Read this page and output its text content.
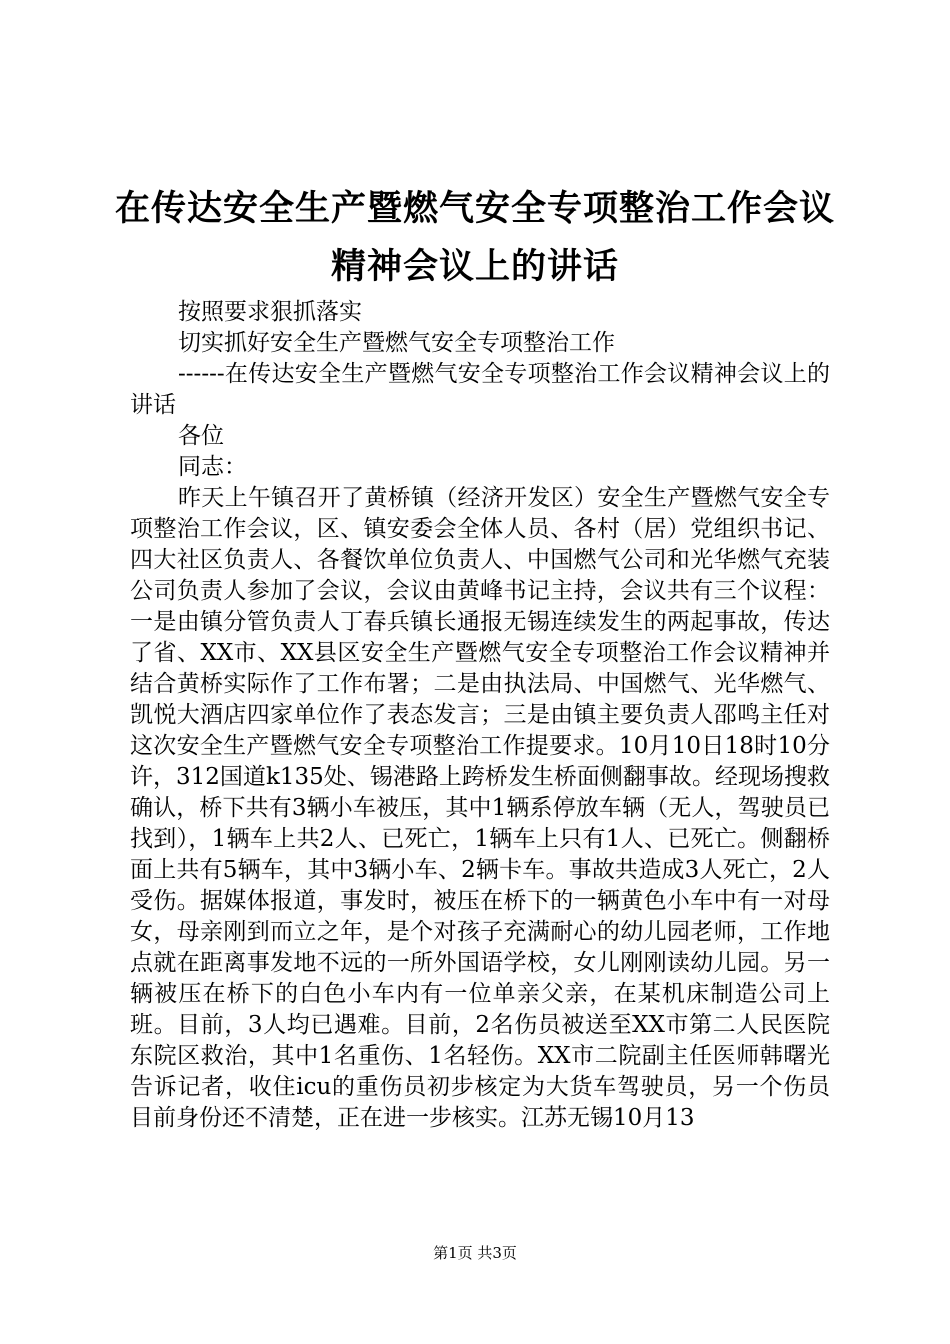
在传达安全生产暨燃气安全专项整治工作会议
精神会议上的讲话

按照要求狠抓落实

切实抓好安全生产暨燃气安全专项整治工作

------在传达安全生产暨燃气安全专项整治工作会议精神会议上的讲话

各位

同志：

昨天上午镇召开了黄桥镇（经济开发区）安全生产暨燃气安全专项整治工作会议，区、镇安委会全体人员、各村（居）党组织书记、四大社区负责人、各餐饮单位负责人、中国燃气公司和光华燃气充装公司负责人参加了会议，会议由黄峰书记主持，会议共有三个议程：一是由镇分管负责人丁春兵镇长通报无锡连续发生的两起事故，传达了省、XX市、XX县区安全生产暨燃气安全专项整治工作会议精神并结合黄桥实际作了工作布署；二是由执法局、中国燃气、光华燃气、凯悦大酒店四家单位作了表态发言；三是由镇主要负责人邵鸣主任对这次安全生产暨燃气安全专项整治工作提要求。10月10日18时10分许，312国道k135处、锡港路上跨桥发生桥面侧翻事故。经现场搜救确认，桥下共有3辆小车被压，其中1辆系停放车辆（无人，驾驶员已找到），1辆车上共2人、已死亡，1辆车上只有1人、已死亡。侧翻桥面上共有5辆车，其中3辆小车、2辆卡车。事故共造成3人死亡，2人受伤。据媒体报道，事发时，被压在桥下的一辆黄色小车中有一对母女，母亲刚到而立之年，是个对孩子充满耐心的幼儿园老师，工作地点就在距离事发地不远的一所外国语学校，女儿刚刚读幼儿园。另一辆被压在桥下的白色小车内有一位单亲父亲，在某机床制造公司上班。目前，3人均已遇难。目前，2名伤员被送至XX市第二人民医院东院区救治，其中1名重伤、1名轻伤。XX市二院副主任医师韩曙光告诉记者，收住icu的重伤员初步核定为大货车驾驶员，另一个伤员目前身份还不清楚，正在进一步核实。江苏无锡10月13

第1页 共3页
